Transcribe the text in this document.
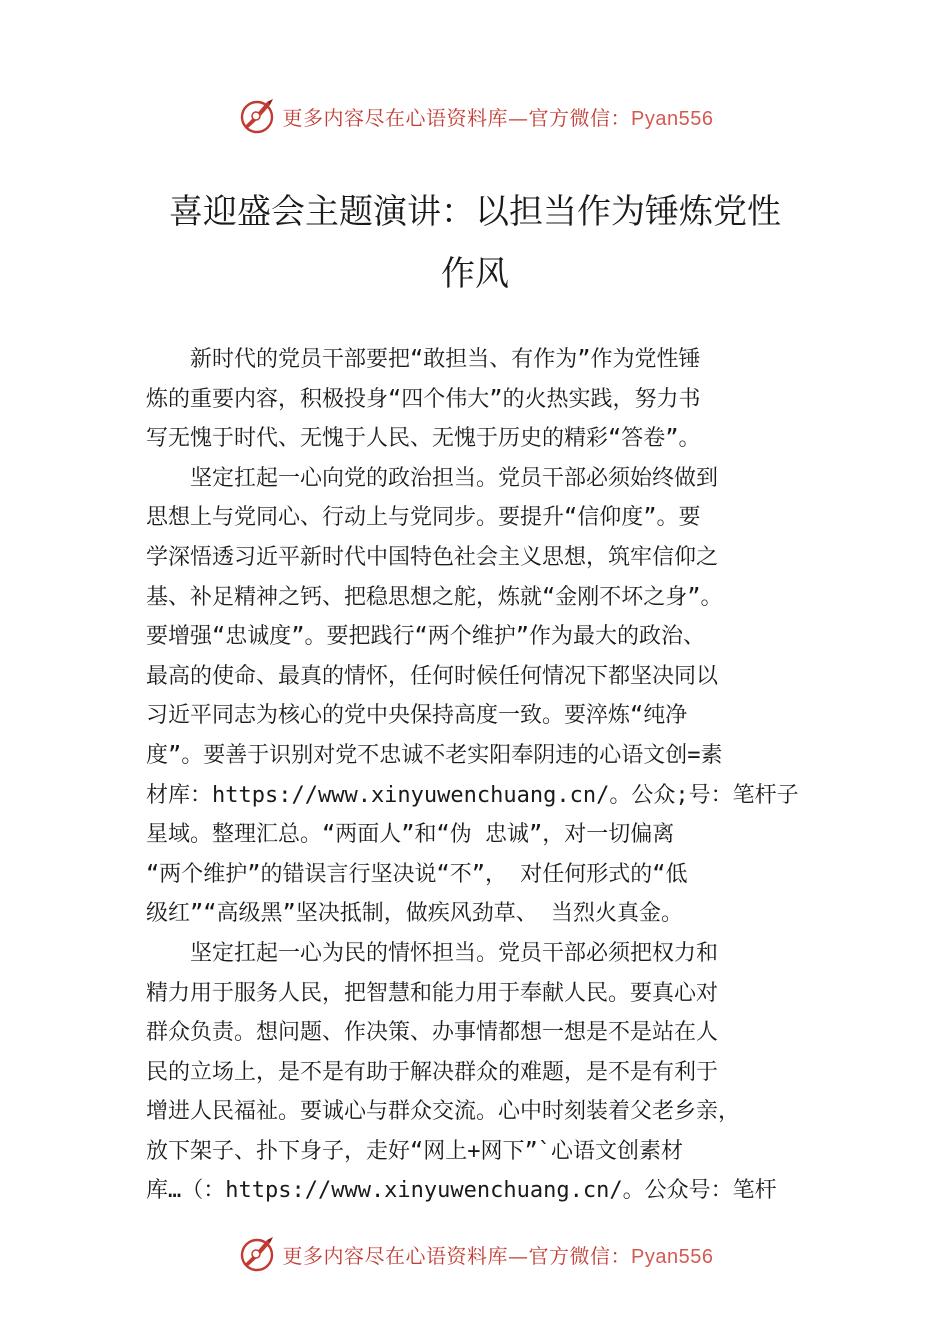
更多内容尽在心语资料库—官方微信：Pyan556
喜迎盛会主题演讲：以担当作为锤炼党性
作风
　　新时代的党员干部要把“敢担当、有作为”作为党性锤
炼的重要内容，积极投身“四个伟大”的火热实践，努力书
写无愧于时代、无愧于人民、无愧于历史的精彩“答卷”。
　　坚定扛起一心向党的政治担当。党员干部必须始终做到
思想上与党同心、行动上与党同步。要提升“信仰度”。要
学深悟透习近平新时代中国特色社会主义思想，筑牢信仰之
基、补足精神之钙、把稳思想之舵，炼就“金刚不坏之身”。
要增强“忠诚度”。要把践行“两个维护”作为最大的政治、
最高的使命、最真的情怀，任何时候任何情况下都坚决同以
习近平同志为核心的党中央保持高度一致。要淬炼“纯净
度”。要善于识别对党不忠诚不老实阳奉阴违的心语文创=素
材库：https://www.xinyuwenchuang.cn/。公众;号：笔杆子
星域。整理汇总。“两面人”和“伪 忠诚”，对一切偏离
“两个维护”的错误言行坚决说“不”， 对任何形式的“低
级红”“高级黑”坚决抵制，做疾风劲草、 当烈火真金。
　　坚定扛起一心为民的情怀担当。党员干部必须把权力和
精力用于服务人民，把智慧和能力用于奉献人民。要真心对
群众负责。想问题、作决策、办事情都想一想是不是站在人
民的立场上，是不是有助于解决群众的难题，是不是有利于
增进人民福祉。要诚心与群众交流。心中时刻装着父老乡亲，
放下架子、扑下身子，走好“网上+网下”`心语文创素材
库…（：https://www.xinyuwenchuang.cn/。公众号：笔杆
更多内容尽在心语资料库—官方微信：Pyan556
